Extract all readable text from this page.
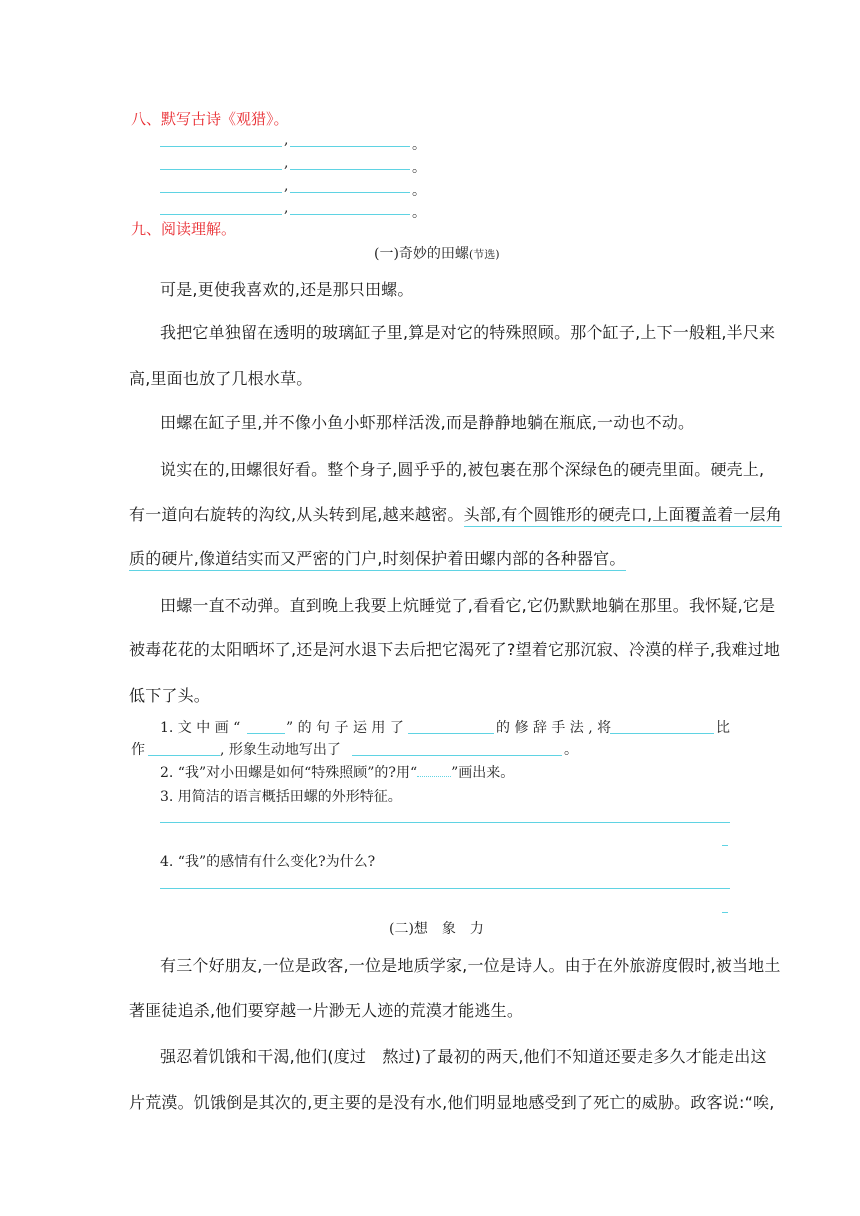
八、默写古诗《观猎》。
,	。
,	。
,	。
,	。
九、阅读理解。
(一)奇妙的田螺(节选)
可是,更使我喜欢的,还是那只田螺。
我把它单独留在透明的玻璃缸子里,算是对它的特殊照顾。那个缸子,上下一般粗,半尺来
高,里面也放了几根水草。
田螺在缸子里,并不像小鱼小虾那样活泼,而是静静地躺在瓶底,一动也不动。
说实在的,田螺很好看。整个身子,圆乎乎的,被包裹在那个深绿色的硬壳里面。硬壳上,
有一道向右旋转的沟纹,从头转到尾,越来越密。头部,有个圆锥形的硬壳口,上面覆盖着一层角
质的硬片,像道结实而又严密的门户,时刻保护着田螺内部的各种器官。
田螺一直不动弹。直到晚上我要上炕睡觉了,看看它,它仍默默地躺在那里。我怀疑,它是
被毒花花的太阳晒坏了,还是河水退下去后把它渴死了?望着它那沉寂、冷漠的样子,我难过地
低下了头。
1. 文 中 画 “	” 的 句 子 运 用 了	的 修 辞 手 法 , 将	比
作	, 形象生动地写出了	。
2. “我”对小田螺是如何“特殊照顾”的?用“ ”画出来。
3. 用简洁的语言概括田螺的外形特征。
4. “我”的感情有什么变化?为什么?
(二)想　象　力
有三个好朋友,一位是政客,一位是地质学家,一位是诗人。由于在外旅游度假时,被当地土
著匪徒追杀,他们要穿越一片渺无人迹的荒漠才能逃生。
强忍着饥饿和干渴,他们(度过　熬过)了最初的两天,他们不知道还要走多久才能走出这
片荒漠。饥饿倒是其次的,更主要的是没有水,他们明显地感受到了死亡的威胁。政客说:“唉,
